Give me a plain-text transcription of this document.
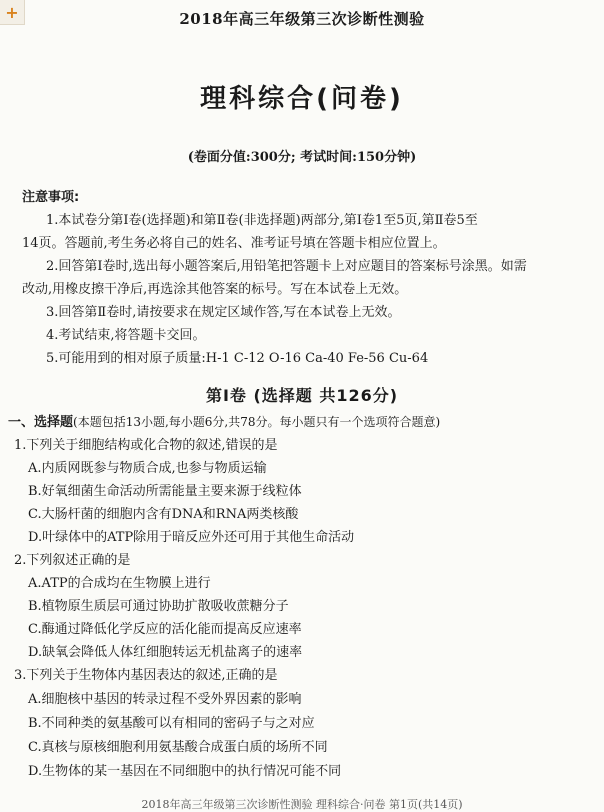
+	2018年高三年级第三次诊断性测验
理科综合(问卷)
(卷面分值:300分; 考试时间:150分钟)
注意事项:
1.本试卷分第Ⅰ卷(选择题)和第Ⅱ卷(非选择题)两部分,第Ⅰ卷1至5页,第Ⅱ卷5至
14页。答题前,考生务必将自己的姓名、准考证号填在答题卡相应位置上。
2.回答第Ⅰ卷时,选出每小题答案后,用铅笔把答题卡上对应题目的答案标号涂黑。如需
改动,用橡皮擦干净后,再选涂其他答案的标号。写在本试卷上无效。
3.回答第Ⅱ卷时,请按要求在规定区域作答,写在本试卷上无效。
4.考试结束,将答题卡交回。
5.可能用到的相对原子质量:H-1 C-12 O-16 Ca-40 Fe-56 Cu-64
第Ⅰ卷 (选择题 共126分)
一、选择题(本题包括13小题,每小题6分,共78分。每小题只有一个选项符合题意)
1.下列关于细胞结构或化合物的叙述,错误的是
A.内质网既参与物质合成,也参与物质运输
B.好氧细菌生命活动所需能量主要来源于线粒体
C.大肠杆菌的细胞内含有DNA和RNA两类核酸
D.叶绿体中的ATP除用于暗反应外还可用于其他生命活动
2.下列叙述正确的是
A.ATP的合成均在生物膜上进行
B.植物原生质层可通过协助扩散吸收蔗糖分子
C.酶通过降低化学反应的活化能而提高反应速率
D.缺氧会降低人体红细胞转运无机盐离子的速率
3.下列关于生物体内基因表达的叙述,正确的是
A.细胞核中基因的转录过程不受外界因素的影响
B.不同种类的氨基酸可以有相同的密码子与之对应
C.真核与原核细胞利用氨基酸合成蛋白质的场所不同
D.生物体的某一基因在不同细胞中的执行情况可能不同
2018年高三年级第三次诊断性测验 理科综合·问卷 第1页(共14页)
